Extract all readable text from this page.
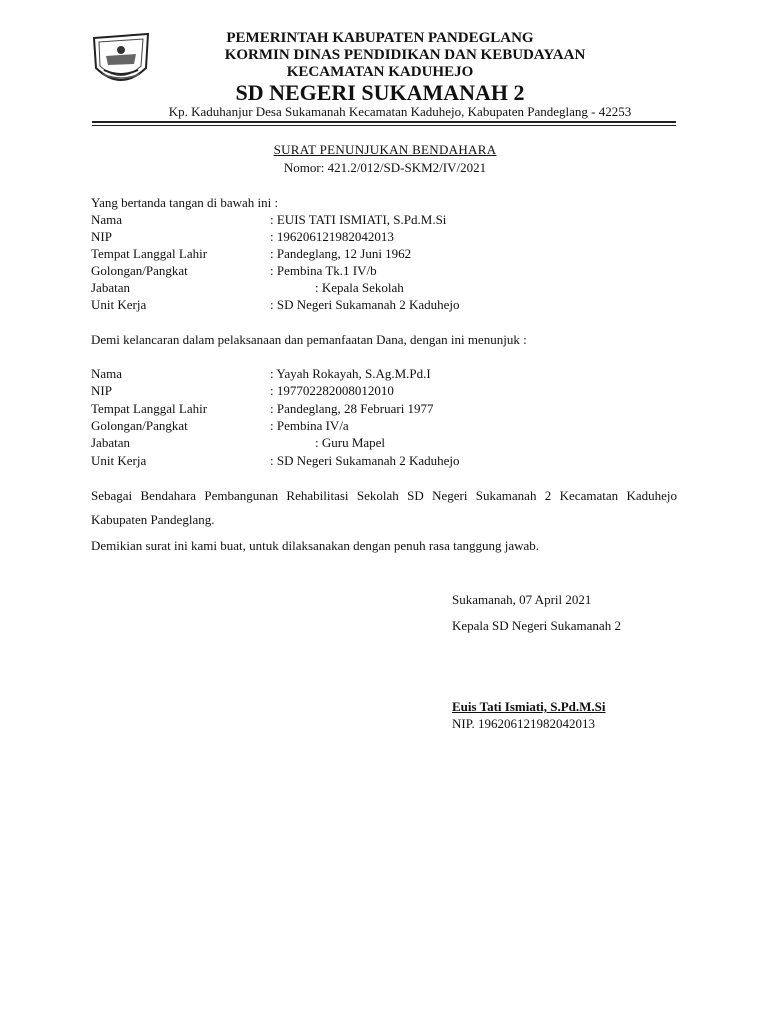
PEMERINTAH KABUPATEN PANDEGLANG
KORMIN DINAS PENDIDIKAN DAN KEBUDAYAAN
KECAMATAN KADUHEJO
SD NEGERI SUKAMANAH 2
Kp. Kaduhanjur Desa Sukamanah Kecamatan Kaduhejo, Kabupaten Pandeglang - 42253
SURAT PENUNJUKAN BENDAHARA
Nomor: 421.2/012/SD-SKM2/IV/2021
Yang bertanda tangan di bawah ini :
Nama	: EUIS TATI ISMIATI, S.Pd.M.Si
NIP	: 196206121982042013
Tempat Langgal Lahir	: Pandeglang, 12 Juni 1962
Golongan/Pangkat	: Pembina Tk.1 IV/b
Jabatan	: Kepala Sekolah
Unit Kerja	: SD Negeri Sukamanah 2 Kaduhejo
Demi kelancaran dalam pelaksanaan dan pemanfaatan Dana, dengan ini menunjuk :
Nama	: Yayah Rokayah, S.Ag.M.Pd.I
NIP	: 197702282008012010
Tempat Langgal Lahir	: Pandeglang, 28 Februari 1977
Golongan/Pangkat	: Pembina IV/a
Jabatan	: Guru Mapel
Unit Kerja	: SD Negeri Sukamanah 2 Kaduhejo
Sebagai Bendahara Pembangunan Rehabilitasi Sekolah SD Negeri Sukamanah 2 Kecamatan Kaduhejo Kabupaten Pandeglang.
Demikian surat ini kami buat, untuk dilaksanakan dengan penuh rasa tanggung jawab.
Sukamanah, 07 April 2021
Kepala SD Negeri Sukamanah 2
Euis Tati Ismiati, S.Pd.M.Si
NIP. 196206121982042013
